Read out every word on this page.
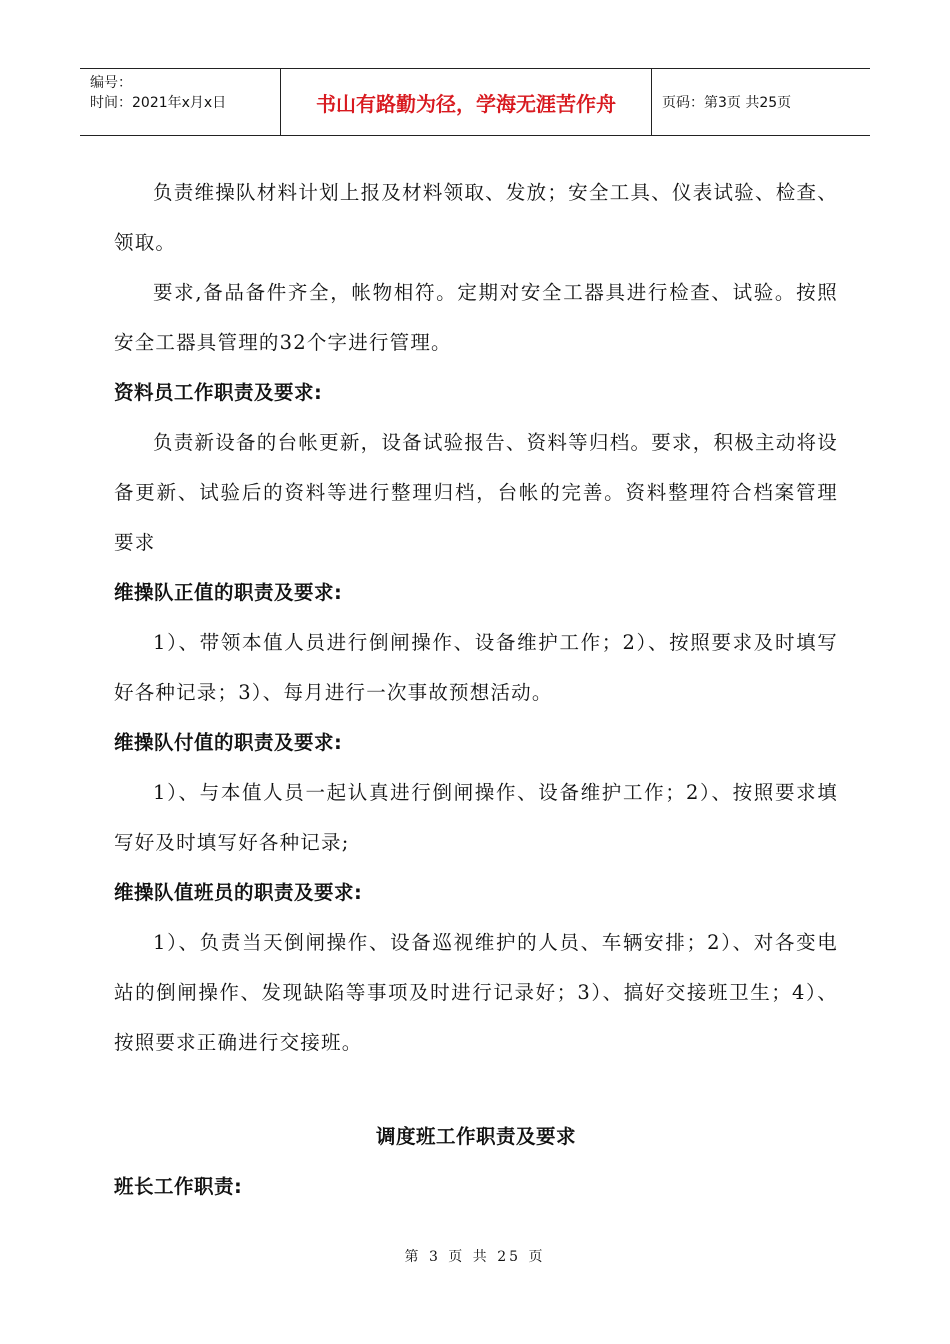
编号：
时间：2021年x月x日	书山有路勤为径，学海无涯苦作舟	页码：第3页 共25页

负责维操队材料计划上报及材料领取、发放；安全工具、仪表试验、检查、领取。

要求,备品备件齐全，帐物相符。定期对安全工器具进行检查、试验。按照安全工器具管理的32个字进行管理。

资料员工作职责及要求:

负责新设备的台帐更新，设备试验报告、资料等归档。要求，积极主动将设备更新、试验后的资料等进行整理归档，台帐的完善。资料整理符合档案管理要求

维操队正值的职责及要求:

1）、带领本值人员进行倒闸操作、设备维护工作；2）、按照要求及时填写好各种记录；3）、每月进行一次事故预想活动。

维操队付值的职责及要求:

1）、与本值人员一起认真进行倒闸操作、设备维护工作；2）、按照要求填写好及时填写好各种记录;

维操队值班员的职责及要求:

1）、负责当天倒闸操作、设备巡视维护的人员、车辆安排；2）、对各变电站的倒闸操作、发现缺陷等事项及时进行记录好；3）、搞好交接班卫生；4）、按照要求正确进行交接班。

调度班工作职责及要求

班长工作职责:

第 3 页 共 25 页
